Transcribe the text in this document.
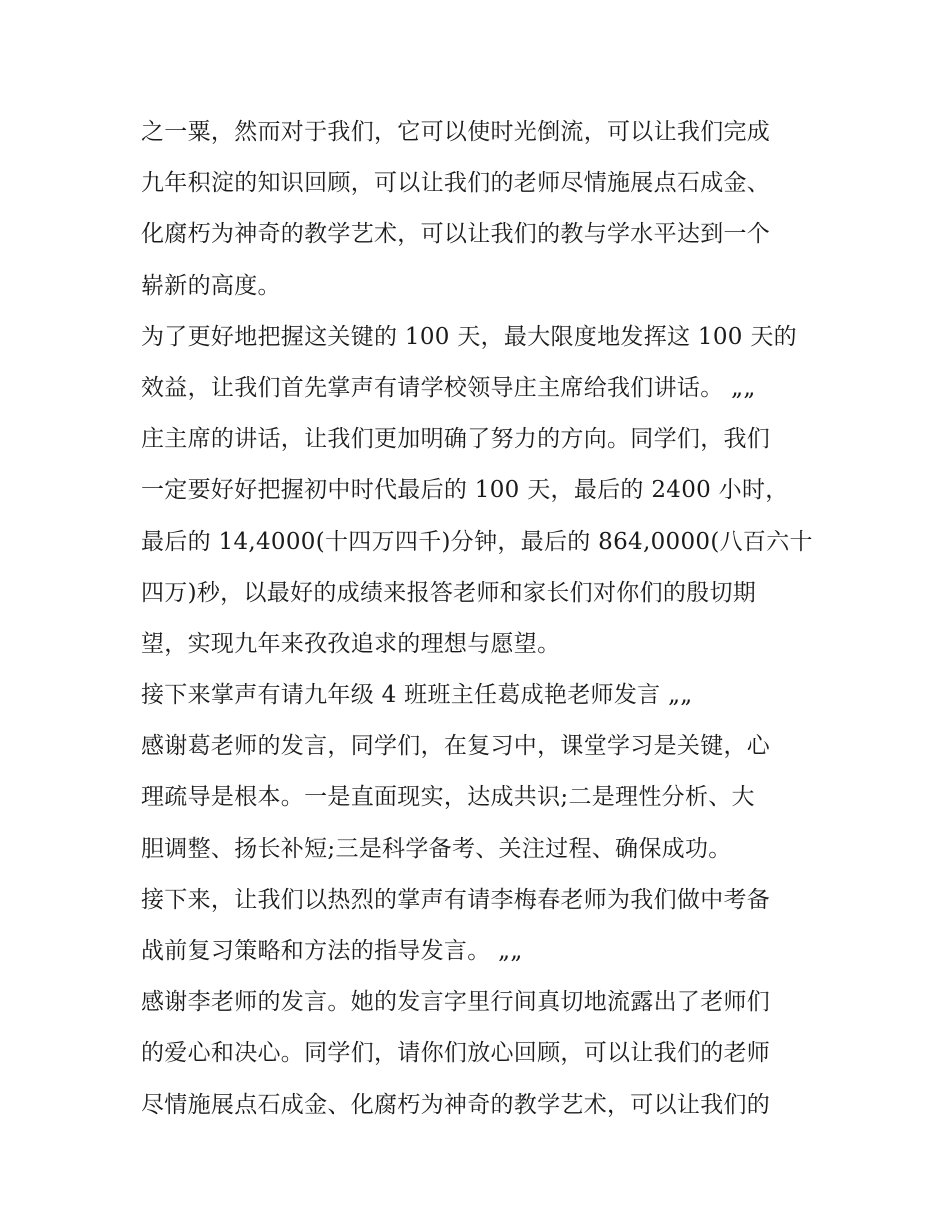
之一粟，然而对于我们，它可以使时光倒流，可以让我们完成
九年积淀的知识回顾，可以让我们的老师尽情施展点石成金、
化腐朽为神奇的教学艺术，可以让我们的教与学水平达到一个
崭新的高度。
为了更好地把握这关键的 100 天，最大限度地发挥这 100 天的
效益，让我们首先掌声有请学校领导庄主席给我们讲话。 „„
庄主席的讲话，让我们更加明确了努力的方向。同学们，我们
一定要好好把握初中时代最后的 100 天，最后的 2400 小时，
最后的 14,4000(十四万四千)分钟，最后的 864,0000(八百六十
四万)秒，以最好的成绩来报答老师和家长们对你们的殷切期
望，实现九年来孜孜追求的理想与愿望。
接下来掌声有请九年级 4 班班主任葛成艳老师发言 „„
感谢葛老师的发言，同学们，在复习中，课堂学习是关键，心
理疏导是根本。一是直面现实，达成共识;二是理性分析、大
胆调整、扬长补短;三是科学备考、关注过程、确保成功。
接下来，让我们以热烈的掌声有请李梅春老师为我们做中考备
战前复习策略和方法的指导发言。 „„
感谢李老师的发言。她的发言字里行间真切地流露出了老师们
的爱心和决心。同学们，请你们放心回顾，可以让我们的老师
尽情施展点石成金、化腐朽为神奇的教学艺术，可以让我们的
